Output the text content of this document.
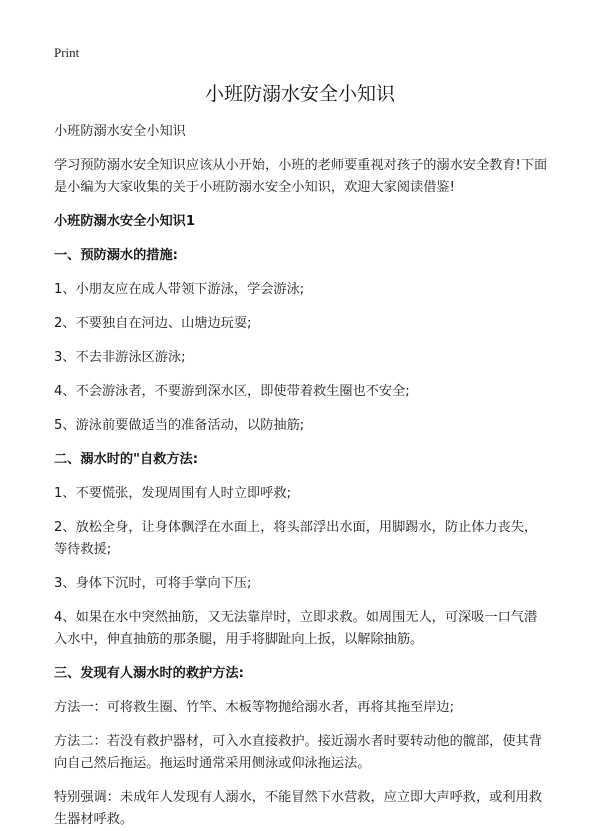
Print
小班防溺水安全小知识

小班防溺水安全小知识

学习预防溺水安全知识应该从小开始，小班的老师要重视对孩子的溺水安全教育!下面是小编为大家收集的关于小班防溺水安全小知识，欢迎大家阅读借鉴!

小班防溺水安全小知识1

一、预防溺水的措施:

1、小朋友应在成人带领下游泳，学会游泳;

2、不要独自在河边、山塘边玩耍;

3、不去非游泳区游泳;

4、不会游泳者，不要游到深水区，即使带着救生圈也不安全;

5、游泳前要做适当的准备活动，以防抽筋;

二、溺水时的"自救方法:

1、不要慌张，发现周围有人时立即呼救;

2、放松全身，让身体飘浮在水面上，将头部浮出水面，用脚踢水，防止体力丧失，等待救援;

3、身体下沉时，可将手掌向下压;

4、如果在水中突然抽筋，又无法靠岸时，立即求救。如周围无人，可深吸一口气潜入水中，伸直抽筋的那条腿，用手将脚趾向上扳，以解除抽筋。

三、发现有人溺水时的救护方法:

方法一：可将救生圈、竹竿、木板等物抛给溺水者，再将其拖至岸边;

方法二：若没有救护器材，可入水直接救护。接近溺水者时要转动他的髋部，使其背向自己然后拖运。拖运时通常采用侧泳或仰泳拖运法。

特别强调：未成年人发现有人溺水，不能冒然下水营救，应立即大声呼救，或利用救生器材呼救。
